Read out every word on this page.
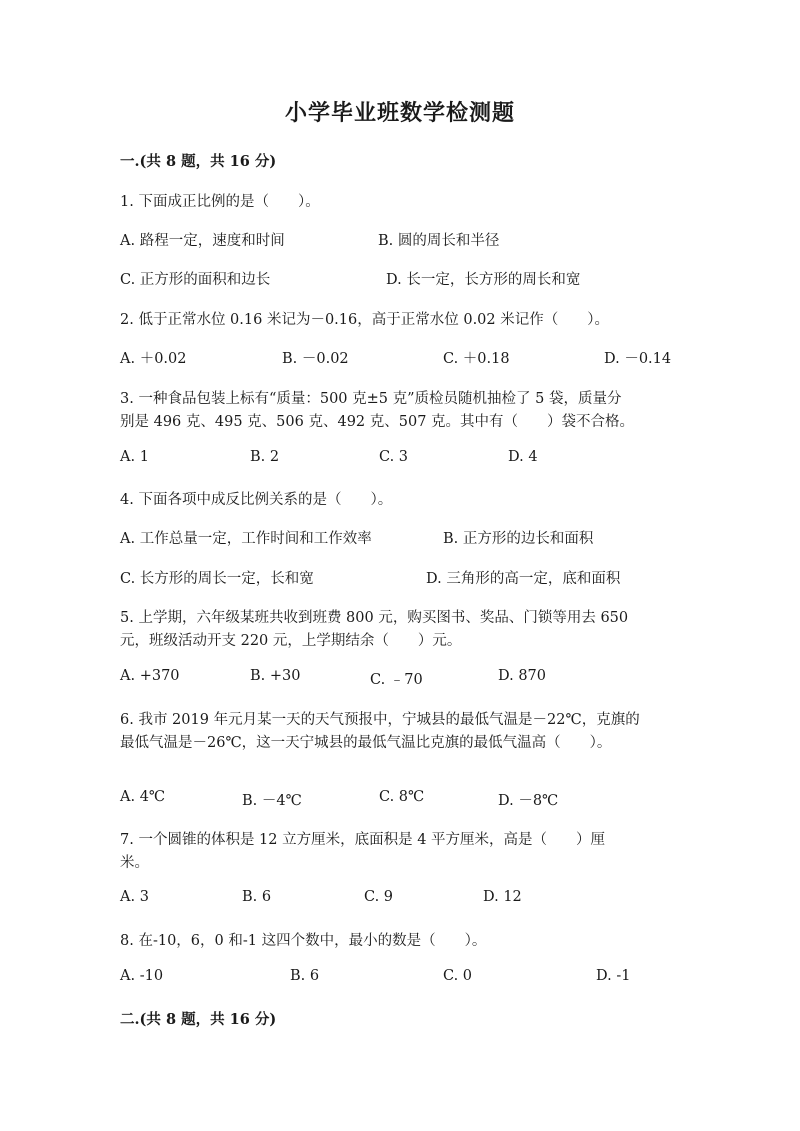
小学毕业班数学检测题
一.(共 8 题，共 16 分)
1. 下面成正比例的是（　　）。
A. 路程一定，速度和时间	B. 圆的周长和半径
C. 正方形的面积和边长	D. 长一定，长方形的周长和宽
2. 低于正常水位 0.16 米记为－0.16，高于正常水位 0.02 米记作（　　）。
A. ＋0.02	B. －0.02	C. ＋0.18	D. －0.14
3. 一种食品包装上标有“质量：500 克±5 克”质检员随机抽检了 5 袋，质量分
别是 496 克、495 克、506 克、492 克、507 克。其中有（　　）袋不合格。
A. 1	B. 2	C. 3	D. 4
4. 下面各项中成反比例关系的是（　　）。
A. 工作总量一定，工作时间和工作效率	B. 正方形的边长和面积
C. 长方形的周长一定，长和宽	D. 三角形的高一定，底和面积
5. 上学期，六年级某班共收到班费 800 元，购买图书、奖品、门锁等用去 650
元，班级活动开支 220 元，上学期结余（　　）元。
A. +370	B. +30	C. ﹣70	D. 870
6. 我市 2019 年元月某一天的天气预报中，宁城县的最低气温是－22℃，克旗的
最低气温是－26℃，这一天宁城县的最低气温比克旗的最低气温高（　　）。
A. 4℃	B. －4℃	C. 8℃	D. －8℃
7. 一个圆锥的体积是 12 立方厘米，底面积是 4 平方厘米，高是（　　）厘
米。
A. 3	B. 6	C. 9	D. 12
8. 在-10，6，0 和-1 这四个数中，最小的数是（　　）。
A. -10	B. 6	C. 0	D. -1
二.(共 8 题，共 16 分)
